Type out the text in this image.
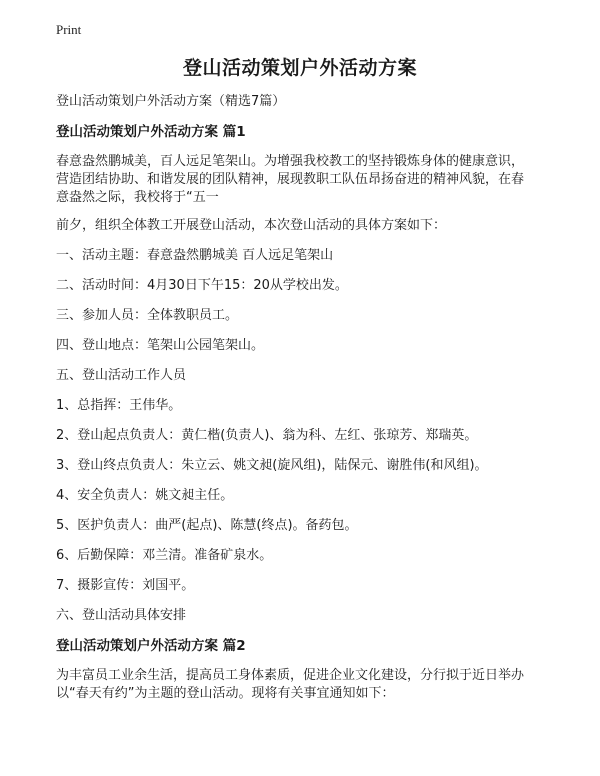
Print
登山活动策划户外活动方案

登山活动策划户外活动方案（精选7篇）

登山活动策划户外活动方案 篇1

春意盎然鹏城美，百人远足笔架山。为增强我校教工的坚持锻炼身体的健康意识，

营造团结协助、和谐发展的团队精神，展现教职工队伍昂扬奋进的精神风貌，在春

意盎然之际，我校将于“五一

前夕，组织全体教工开展登山活动，本次登山活动的具体方案如下：

一、活动主题：春意盎然鹏城美 百人远足笔架山

二、活动时间：4月30日下午15：20从学校出发。

三、参加人员：全体教职员工。

四、登山地点：笔架山公园笔架山。

五、登山活动工作人员

1、总指挥：王伟华。

2、登山起点负责人：黄仁楷(负责人)、翁为科、左红、张琼芳、郑瑞英。

3、登山终点负责人：朱立云、姚文昶(旋风组)，陆保元、谢胜伟(和风组)。

4、安全负责人：姚文昶主任。

5、医护负责人：曲严(起点)、陈慧(终点)。备药包。

6、后勤保障：邓兰清。准备矿泉水。

7、摄影宣传：刘国平。

六、登山活动具体安排

登山活动策划户外活动方案 篇2

为丰富员工业余生活，提高员工身体素质，促进企业文化建设，分行拟于近日举办

以“春天有约”为主题的登山活动。现将有关事宜通知如下：
